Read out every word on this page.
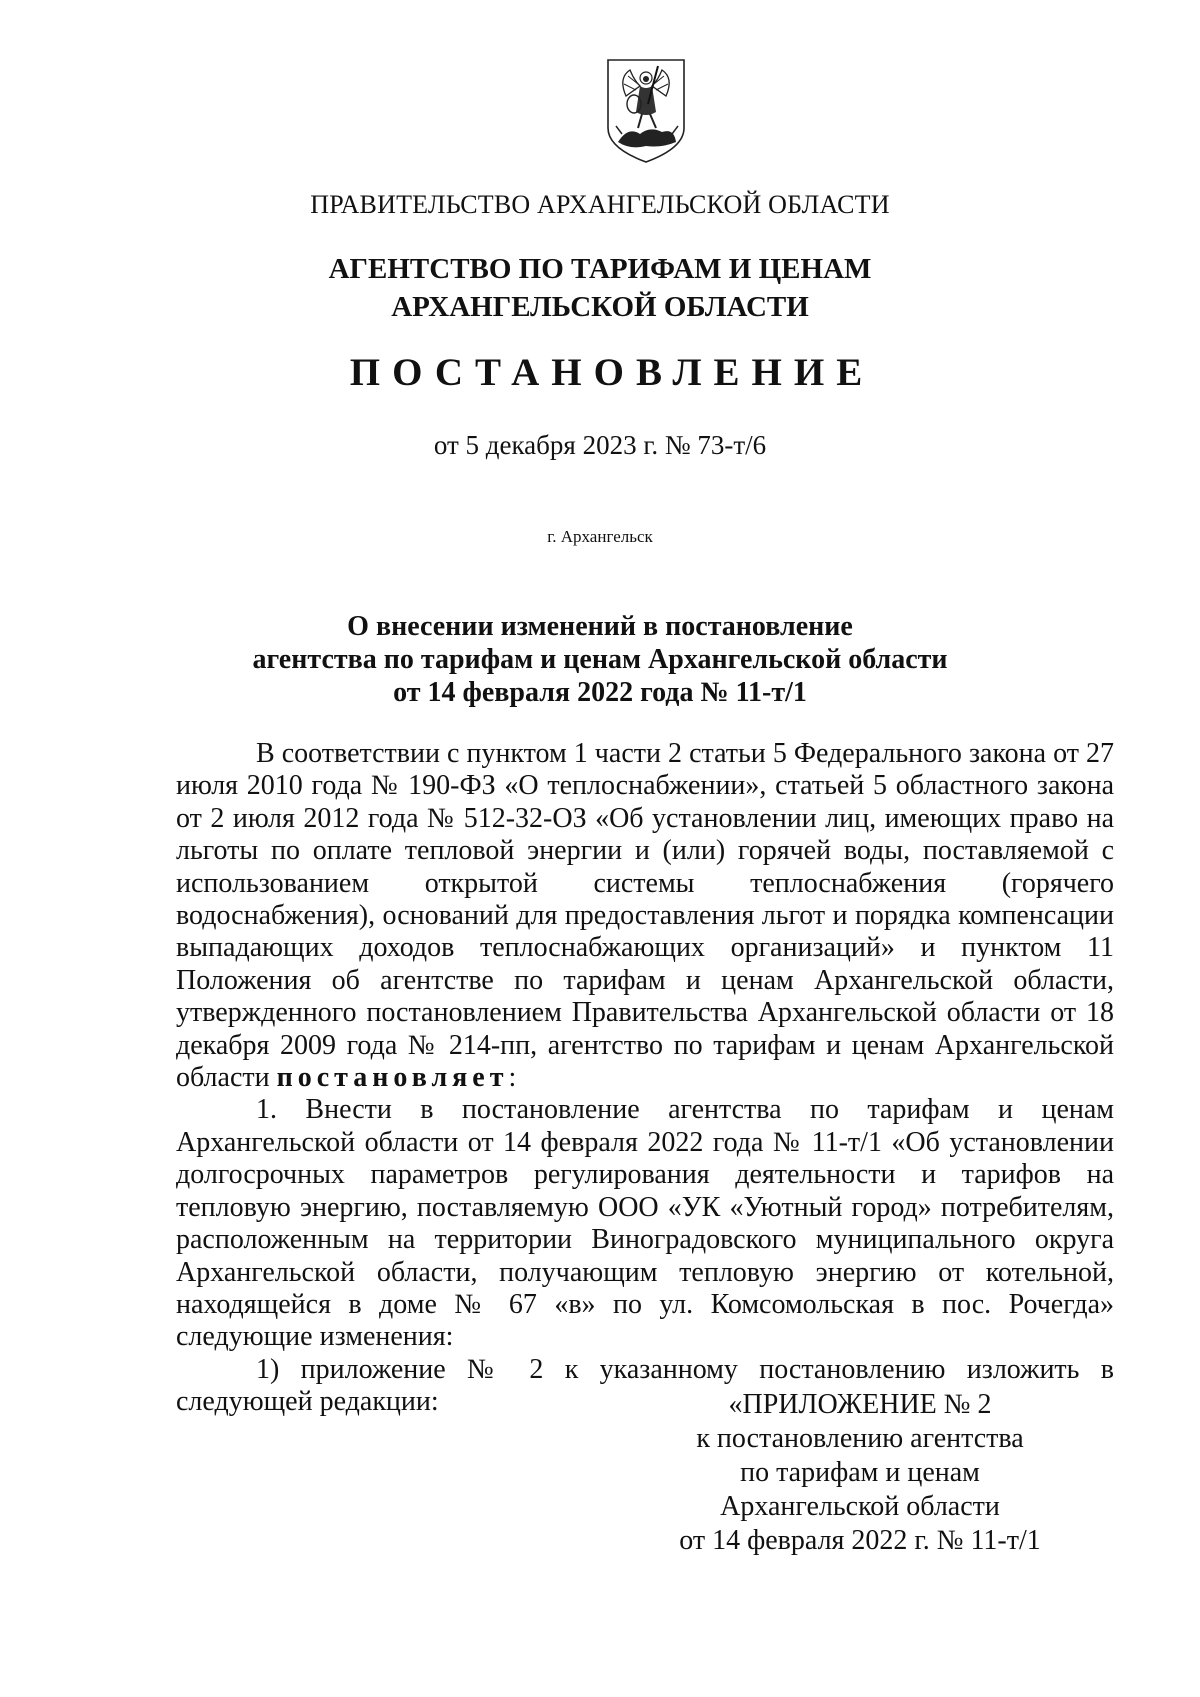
ПРАВИТЕЛЬСТВО АРХАНГЕЛЬСКОЙ ОБЛАСТИ
АГЕНТСТВО ПО ТАРИФАМ И ЦЕНАМ
АРХАНГЕЛЬСКОЙ ОБЛАСТИ
ПОСТАНОВЛЕНИЕ
от 5 декабря 2023 г. № 73-т/6
г. Архангельск
О внесении изменений в постановление
агентства по тарифам и ценам Архангельской области
от 14 февраля 2022 года № 11-т/1

В соответствии с пунктом 1 части 2 статьи 5 Федерального закона от 27 июля 2010 года № 190-ФЗ «О теплоснабжении», статьей 5 областного закона от 2 июля 2012 года № 512-32-ОЗ «Об установлении лиц, имеющих право на льготы по оплате тепловой энергии и (или) горячей воды, поставляемой с использованием открытой системы теплоснабжения (горячего водоснабжения), оснований для предоставления льгот и порядка компенсации выпадающих доходов теплоснабжающих организаций» и пунктом 11 Положения об агентстве по тарифам и ценам Архангельской области, утвержденного постановлением Правительства Архангельской области от 18 декабря 2009 года № 214-пп, агентство по тарифам и ценам Архангельской области постановляет:

1. Внести в постановление агентства по тарифам и ценам Архангельской области от 14 февраля 2022 года № 11-т/1 «Об установлении долгосрочных параметров регулирования деятельности и тарифов на тепловую энергию, поставляемую ООО «УК «Уютный город» потребителям, расположенным на территории Виноградовского муниципального округа Архангельской области, получающим тепловую энергию от котельной, находящейся в доме № 67 «в» по ул. Комсомольская в пос. Рочегда» следующие изменения:

1) приложение № 2 к указанному постановлению изложить в следующей редакции:	«ПРИЛОЖЕНИЕ № 2
к постановлению агентства
по тарифам и ценам
Архангельской области
от 14 февраля 2022 г. № 11-т/1
